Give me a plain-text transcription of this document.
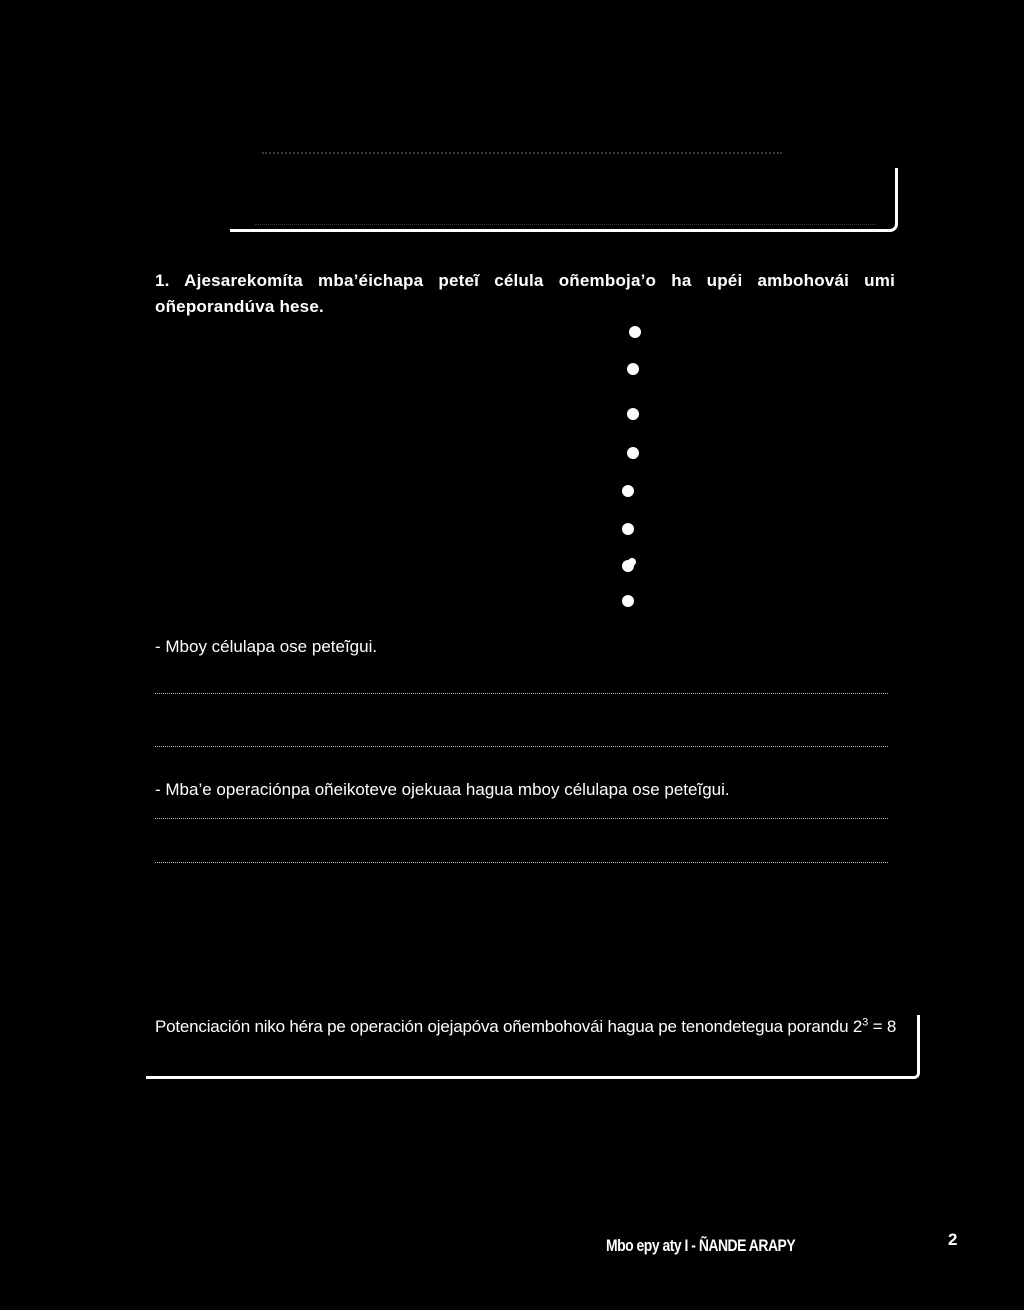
1. Ajesarekomíta mba’éichapa peteĩ célula oñemboja’o ha upéi ambohovái umi oñeporandúva hese.
- Mboy célulapa ose peteĩgui.
- Mba’e operaciónpa oñeikoteve ojekuaa hagua mboy célulapa ose peteĩgui.
Potenciación niko héra pe operación ojejapóva oñembohovái hagua pe tenondetegua porandu $2^3 = 8$
Mbo epy aty I - ÑANDE ARAPY	2
